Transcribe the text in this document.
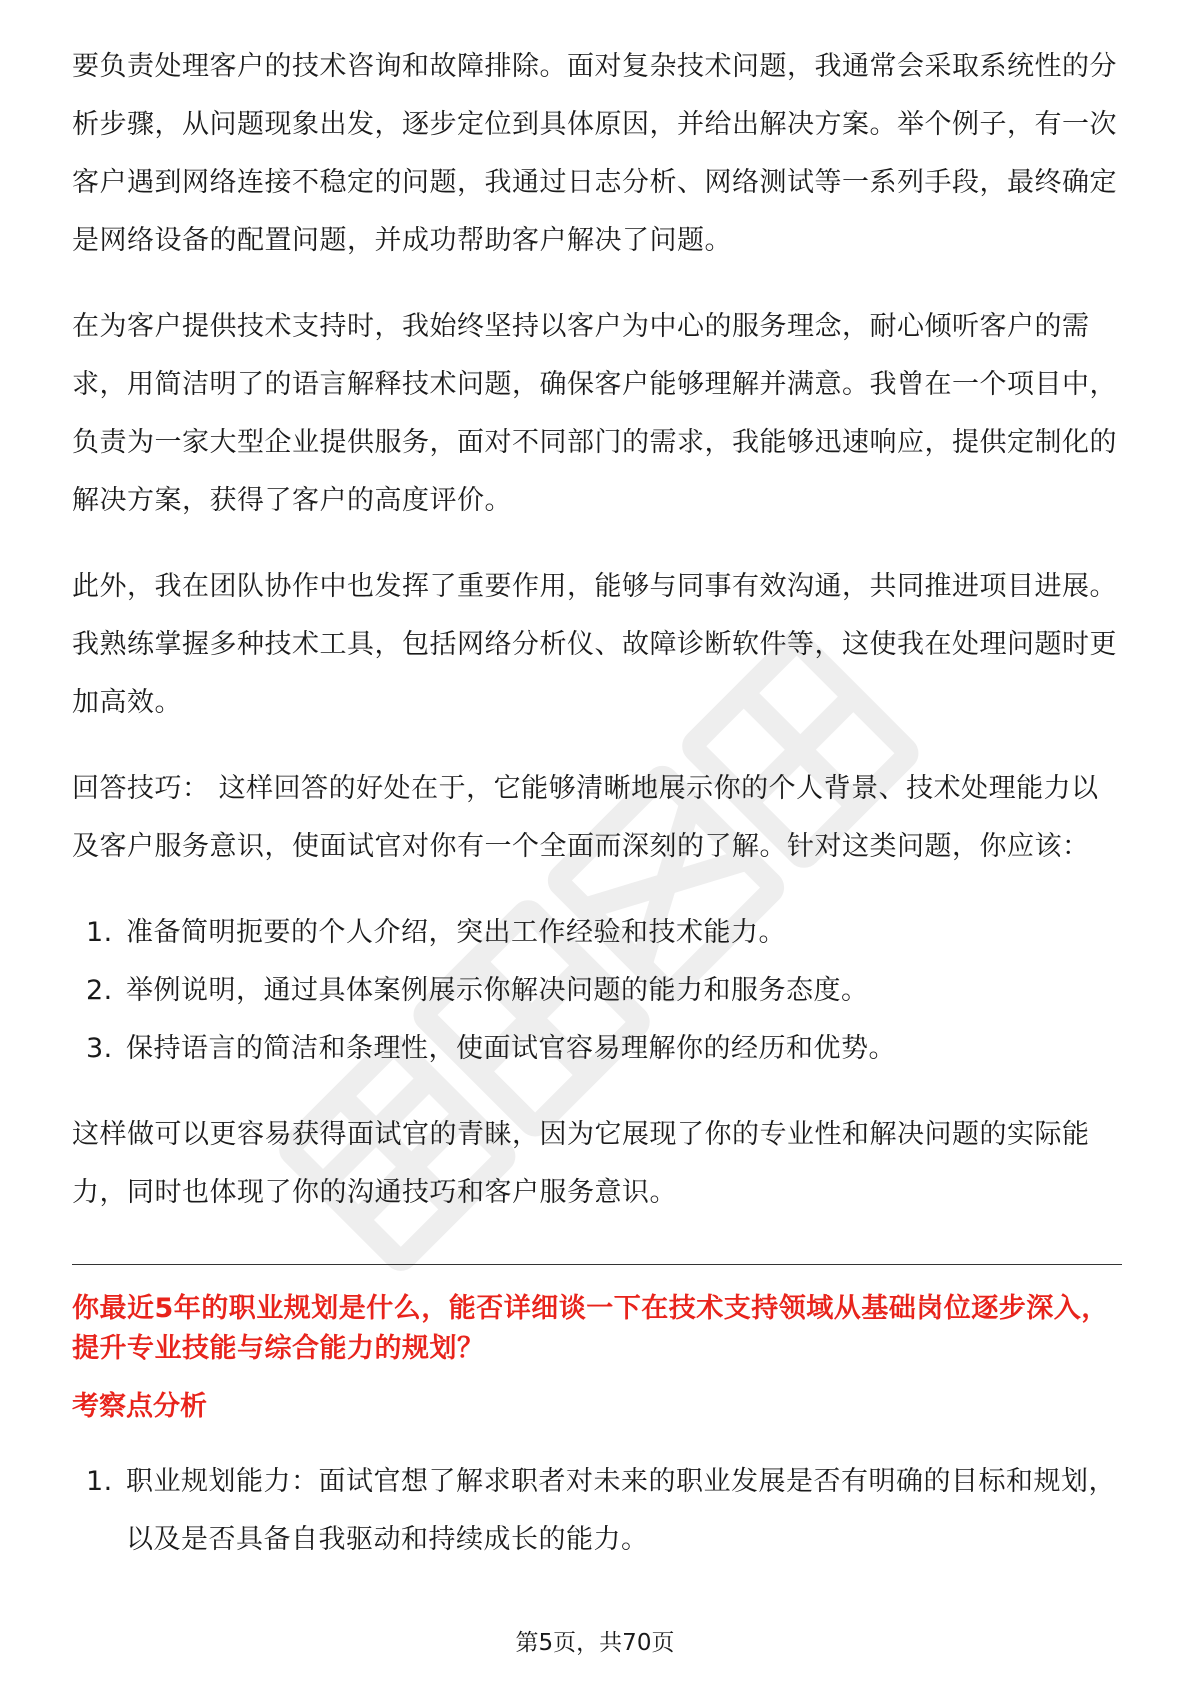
要负责处理客户的技术咨询和故障排除。面对复杂技术问题，我通常会采取系统性的分析步骤，从问题现象出发，逐步定位到具体原因，并给出解决方案。举个例子，有一次客户遇到网络连接不稳定的问题，我通过日志分析、网络测试等一系列手段，最终确定是网络设备的配置问题，并成功帮助客户解决了问题。

在为客户提供技术支持时，我始终坚持以客户为中心的服务理念，耐心倾听客户的需求，用简洁明了的语言解释技术问题，确保客户能够理解并满意。我曾在一个项目中，负责为一家大型企业提供服务，面对不同部门的需求，我能够迅速响应，提供定制化的解决方案，获得了客户的高度评价。

此外，我在团队协作中也发挥了重要作用，能够与同事有效沟通，共同推进项目进展。我熟练掌握多种技术工具，包括网络分析仪、故障诊断软件等，这使我在处理问题时更加高效。

回答技巧： 这样回答的好处在于，它能够清晰地展示你的个人背景、技术处理能力以及客户服务意识，使面试官对你有一个全面而深刻的了解。针对这类问题，你应该：

1. 准备简明扼要的个人介绍，突出工作经验和技术能力。
2. 举例说明，通过具体案例展示你解决问题的能力和服务态度。
3. 保持语言的简洁和条理性，使面试官容易理解你的经历和优势。

这样做可以更容易获得面试官的青睐，因为它展现了你的专业性和解决问题的实际能力，同时也体现了你的沟通技巧和客户服务意识。

你最近5年的职业规划是什么，能否详细谈一下在技术支持领域从基础岗位逐步深入，提升专业技能与综合能力的规划？

考察点分析

1. 职业规划能力：面试官想了解求职者对未来的职业发展是否有明确的目标和规划，以及是否具备自我驱动和持续成长的能力。
第5页，共70页
